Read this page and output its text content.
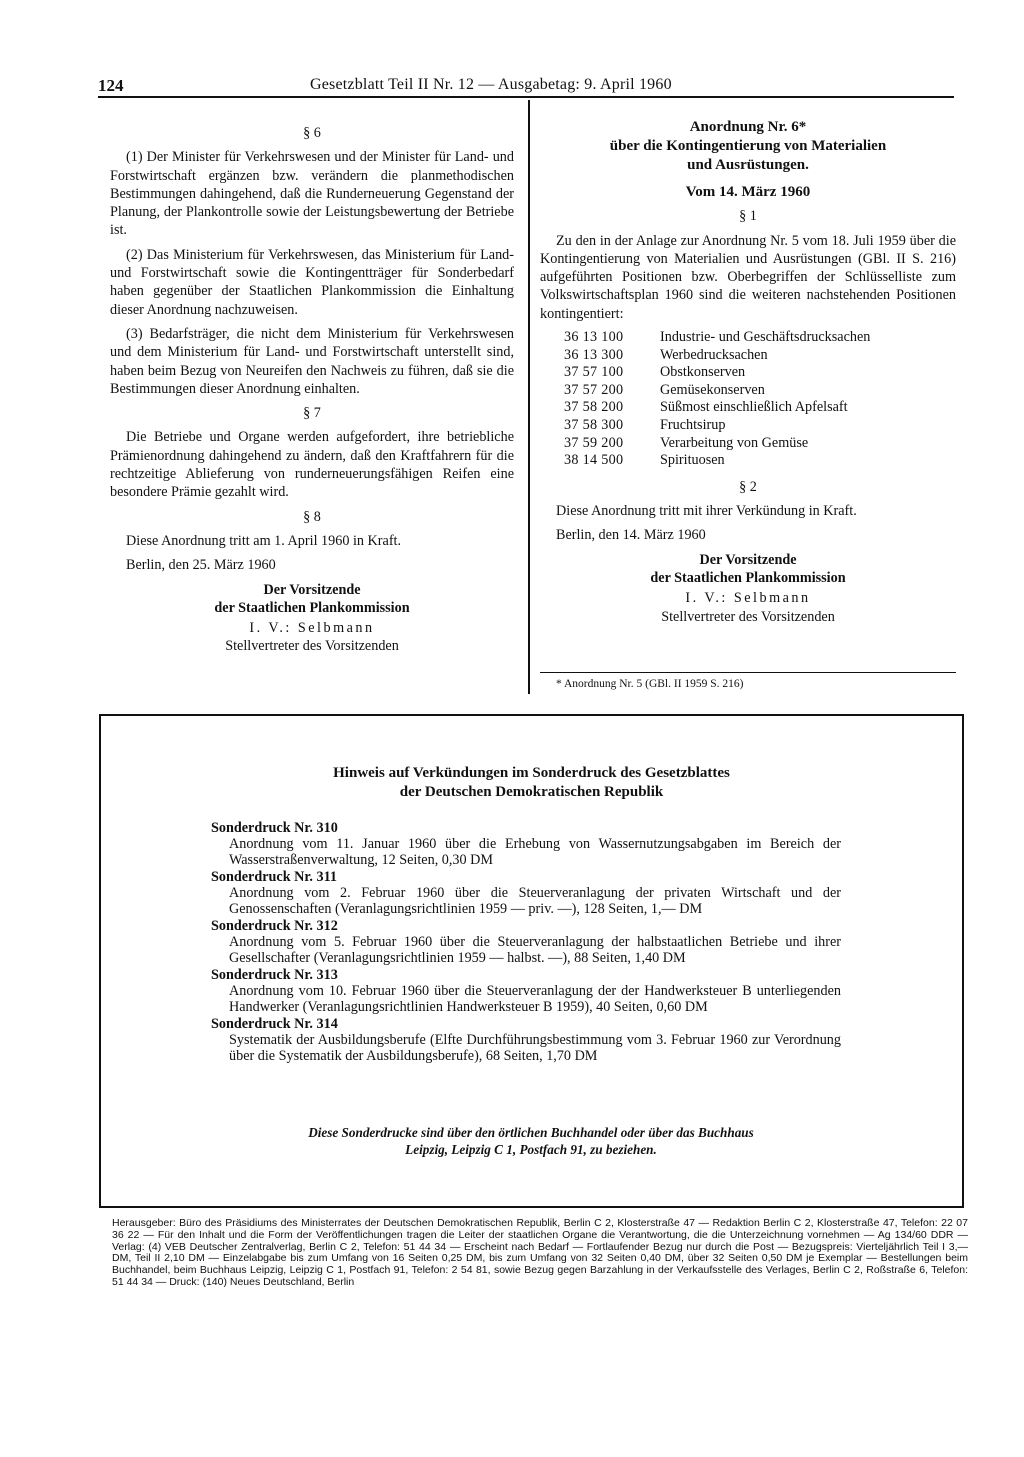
124	Gesetzblatt Teil II Nr. 12 — Ausgabetag: 9. April 1960

§ 6

(1) Der Minister für Verkehrswesen und der Minister für Land- und Forstwirtschaft ergänzen bzw. verändern die planmethodischen Bestimmungen dahingehend, daß die Runderneuerung Gegenstand der Planung, der Plankontrolle sowie der Leistungsbewertung der Betriebe ist.

(2) Das Ministerium für Verkehrswesen, das Ministerium für Land- und Forstwirtschaft sowie die Kontingentträger für Sonderbedarf haben gegenüber der Staatlichen Plankommission die Einhaltung dieser Anordnung nachzuweisen.

(3) Bedarfsträger, die nicht dem Ministerium für Verkehrswesen und dem Ministerium für Land- und Forstwirtschaft unterstellt sind, haben beim Bezug von Neureifen den Nachweis zu führen, daß sie die Bestimmungen dieser Anordnung einhalten.

§ 7

Die Betriebe und Organe werden aufgefordert, ihre betriebliche Prämienordnung dahingehend zu ändern, daß den Kraftfahrern für die rechtzeitige Ablieferung von runderneuerungsfähigen Reifen eine besondere Prämie gezahlt wird.

§ 8

Diese Anordnung tritt am 1. April 1960 in Kraft.

Berlin, den 25. März 1960

Der Vorsitzende

der Staatlichen Plankommission

I. V.: Selbmann

Stellvertreter des Vorsitzenden

Anordnung Nr. 6*

über die Kontingentierung von Materialien

und Ausrüstungen.

Vom 14. März 1960

§ 1

Zu den in der Anlage zur Anordnung Nr. 5 vom 18. Juli 1959 über die Kontingentierung von Materialien und Ausrüstungen (GBl. II S. 216) aufgeführten Positionen bzw. Oberbegriffen der Schlüsselliste zum Volkswirtschaftsplan 1960 sind die weiteren nachstehenden Positionen kontingentiert:

36 13 100	Industrie- und Geschäftsdrucksachen
36 13 300	Werbedrucksachen
37 57 100	Obstkonserven
37 57 200	Gemüsekonserven
37 58 200	Süßmost einschließlich Apfelsaft
37 58 300	Fruchtsirup
37 59 200	Verarbeitung von Gemüse
38 14 500	Spirituosen

§ 2

Diese Anordnung tritt mit ihrer Verkündung in Kraft.

Berlin, den 14. März 1960

Der Vorsitzende

der Staatlichen Plankommission

I. V.: Selbmann

Stellvertreter des Vorsitzenden

* Anordnung Nr. 5 (GBl. II 1959 S. 216)
Hinweis auf Verkündungen im Sonderdruck des Gesetzblattes
der Deutschen Demokratischen Republik
Sonderdruck Nr. 310
Anordnung vom 11. Januar 1960 über die Erhebung von Wassernutzungsabgaben im Bereich der Wasserstraßenverwaltung, 12 Seiten, 0,30 DM
Sonderdruck Nr. 311
Anordnung vom 2. Februar 1960 über die Steuerveranlagung der privaten Wirtschaft und der Genossenschaften (Veranlagungsrichtlinien 1959 — priv. —), 128 Seiten, 1,— DM
Sonderdruck Nr. 312
Anordnung vom 5. Februar 1960 über die Steuerveranlagung der halbstaatlichen Betriebe und ihrer Gesellschafter (Veranlagungsrichtlinien 1959 — halbst. —), 88 Seiten, 1,40 DM
Sonderdruck Nr. 313
Anordnung vom 10. Februar 1960 über die Steuerveranlagung der der Handwerksteuer B unterliegenden Handwerker (Veranlagungsrichtlinien Handwerksteuer B 1959), 40 Seiten, 0,60 DM
Sonderdruck Nr. 314
Systematik der Ausbildungsberufe (Elfte Durchführungsbestimmung vom 3. Februar 1960 zur Verordnung über die Systematik der Ausbildungsberufe), 68 Seiten, 1,70 DM
Diese Sonderdrucke sind über den örtlichen Buchhandel oder über das Buchhaus
Leipzig, Leipzig C 1, Postfach 91, zu beziehen.
Herausgeber: Büro des Präsidiums des Ministerrates der Deutschen Demokratischen Republik, Berlin C 2, Klosterstraße 47 — Redaktion Berlin C 2, Klosterstraße 47, Telefon: 22 07 36 22 — Für den Inhalt und die Form der Veröffentlichungen tragen die Leiter der staatlichen Organe die Verantwortung, die die Unterzeichnung vornehmen — Ag 134/60 DDR — Verlag: (4) VEB Deutscher Zentralverlag, Berlin C 2, Telefon: 51 44 34 — Erscheint nach Bedarf — Fortlaufender Bezug nur durch die Post — Bezugspreis: Vierteljährlich Teil I 3,— DM, Teil II 2,10 DM — Einzelabgabe bis zum Umfang von 16 Seiten 0,25 DM, bis zum Umfang von 32 Seiten 0,40 DM, über 32 Seiten 0,50 DM je Exemplar — Bestellungen beim Buchhandel, beim Buchhaus Leipzig, Leipzig C 1, Postfach 91, Telefon: 2 54 81, sowie Bezug gegen Barzahlung in der Verkaufsstelle des Verlages, Berlin C 2, Roßstraße 6, Telefon: 51 44 34 — Druck: (140) Neues Deutschland, Berlin
